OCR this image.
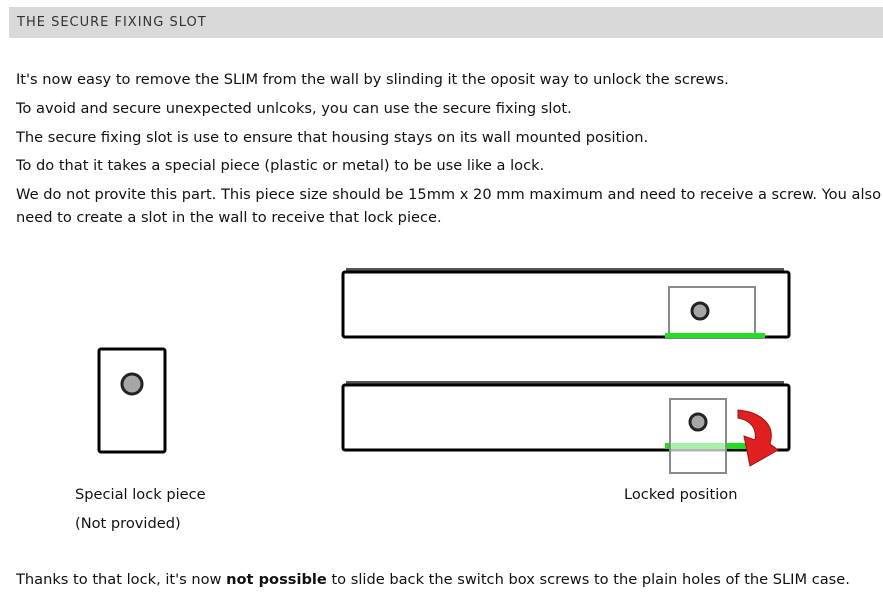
THE SECURE FIXING SLOT
It's now easy to remove the SLIM from the wall by slinding it the oposit way to unlock the screws.
To avoid and secure unexpected unlcoks, you can use the secure fixing slot.
The secure fixing slot is use to ensure that housing stays on its wall mounted position.
To do that it takes a special piece (plastic or metal) to be use like a lock.
We do not provite this part. This piece size should be 15mm x 20 mm maximum and need to receive a screw. You also need to create a slot in the wall to receive that lock piece.
Special lock piece
(Not provided)
Locked position
Thanks to that lock, it's now not possible to slide back the switch box screws to the plain holes of the SLIM case.
